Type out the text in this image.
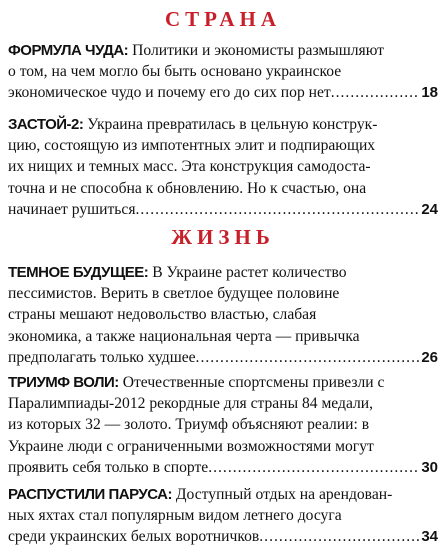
СТРАНА
ФОРМУЛА ЧУДА: Политики и экономисты размышляют
о том, на чем могло бы быть основано украинское
экономическое чудо и почему его до сих пор нет .....	18
ЗАСТОЙ-2: Украина превратилась в цельную конструк-
цию, состоящую из импотентных элит и подпирающих
их нищих и темных масс. Эта конструкция самодоста-
точна и не способна к обновлению. Но к счастью, она
начинает рушиться .....	24
ЖИЗНЬ
ТЕМНОЕ БУДУЩЕЕ: В Украине растет количество
пессимистов. Верить в светлое будущее половине
страны мешают недовольство властью, слабая
экономика, а также национальная черта — привычка
предполагать только худшее .....	26
ТРИУМФ ВОЛИ: Отечественные спортсмены привезли с
Паралимпиады-2012 рекордные для страны 84 медали,
из которых 32 — золото. Триумф объясняют реалии: в
Украине люди с ограниченными возможностями могут
проявить себя только в спорте .....	30
РАСПУСТИЛИ ПАРУСА: Доступный отдых на арендован-
ных яхтах стал популярным видом летнего досуга
среди украинских белых воротничков .....	34
